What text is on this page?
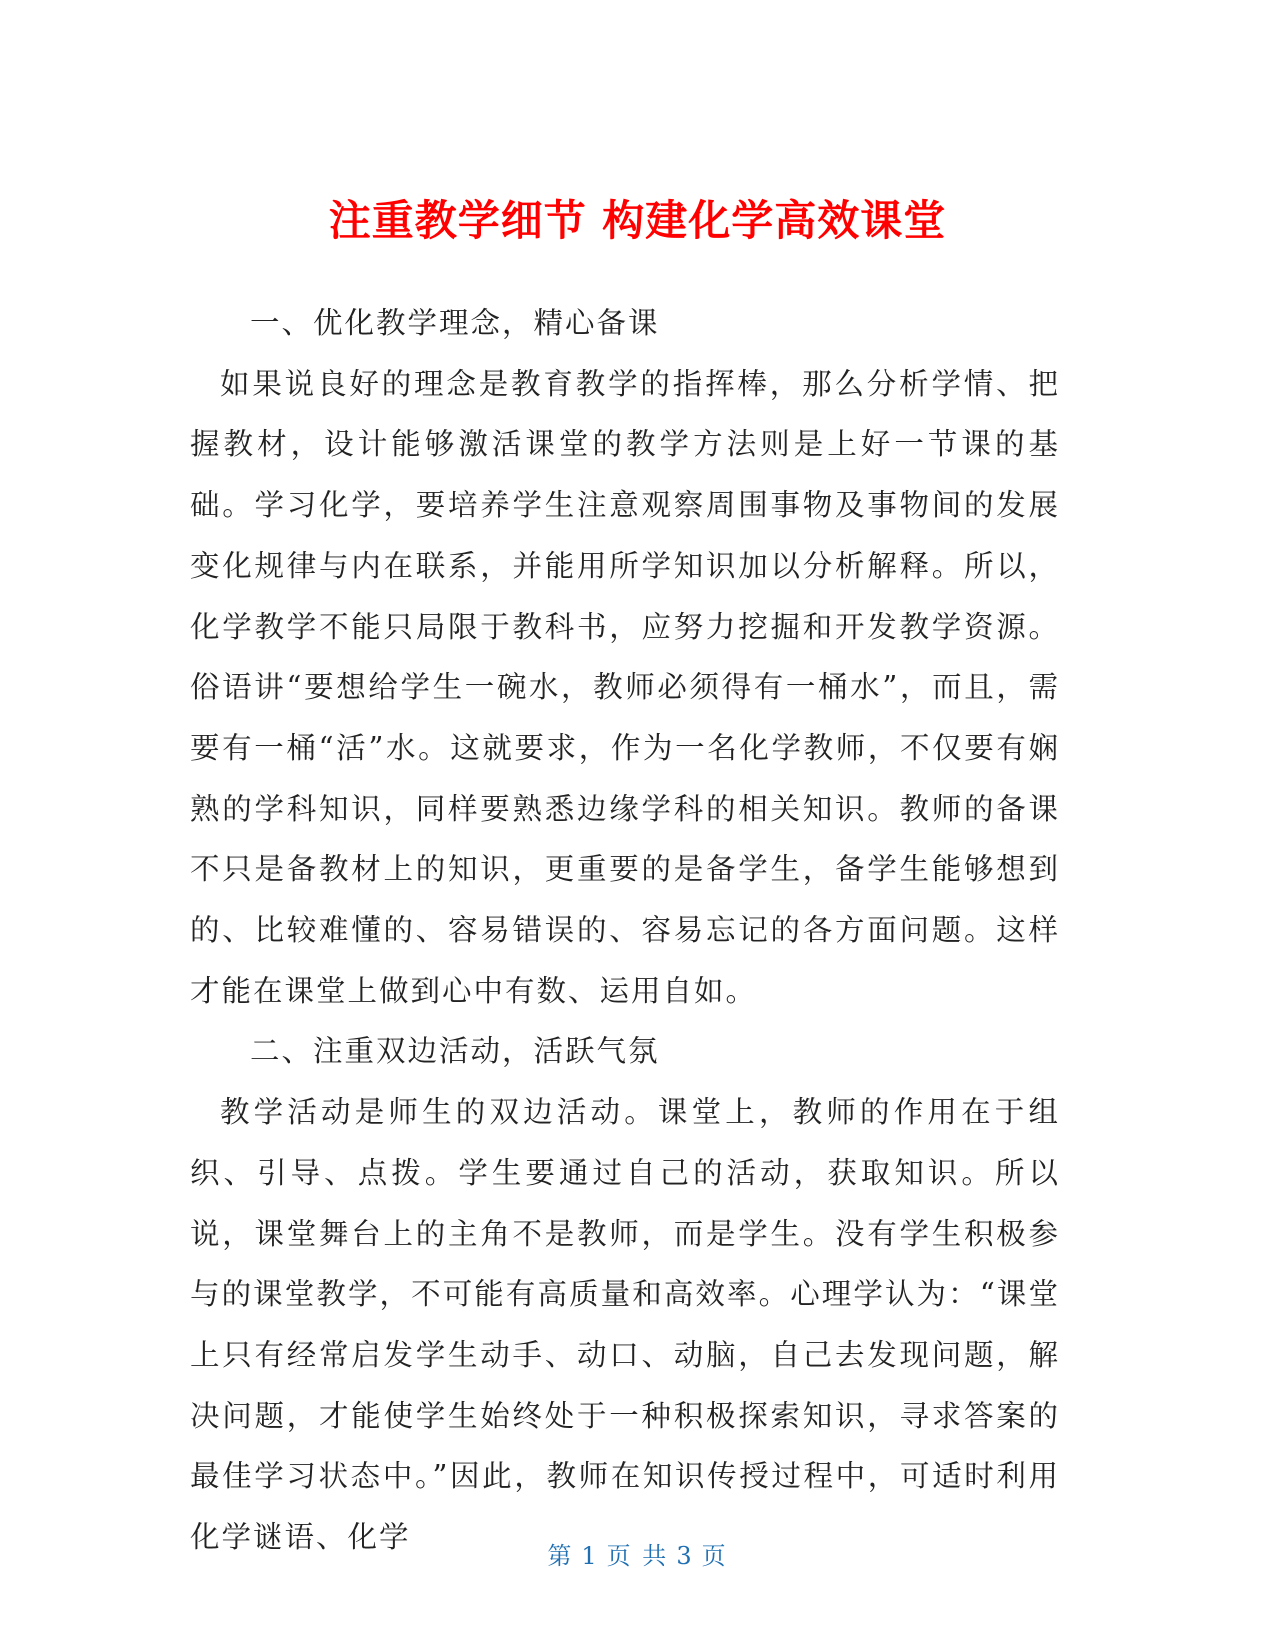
注重教学细节 构建化学高效课堂

一、优化教学理念，精心备课

如果说良好的理念是教育教学的指挥棒，那么分析学情、把握教材，设计能够激活课堂的教学方法则是上好一节课的基础。学习化学，要培养学生注意观察周围事物及事物间的发展变化规律与内在联系，并能用所学知识加以分析解释。所以，化学教学不能只局限于教科书，应努力挖掘和开发教学资源。俗语讲“要想给学生一碗水，教师必须得有一桶水”，而且，需要有一桶“活”水。这就要求，作为一名化学教师，不仅要有娴熟的学科知识，同样要熟悉边缘学科的相关知识。教师的备课不只是备教材上的知识，更重要的是备学生，备学生能够想到的、比较难懂的、容易错误的、容易忘记的各方面问题。这样才能在课堂上做到心中有数、运用自如。

二、注重双边活动，活跃气氛

教学活动是师生的双边活动。课堂上，教师的作用在于组织、引导、点拨。学生要通过自己的活动，获取知识。所以说，课堂舞台上的主角不是教师，而是学生。没有学生积极参与的课堂教学，不可能有高质量和高效率。心理学认为：“课堂上只有经常启发学生动手、动口、动脑，自己去发现问题，解决问题，才能使学生始终处于一种积极探索知识，寻求答案的最佳学习状态中。”因此，教师在知识传授过程中，可适时利用化学谜语、化学

第 1 页 共 3 页
